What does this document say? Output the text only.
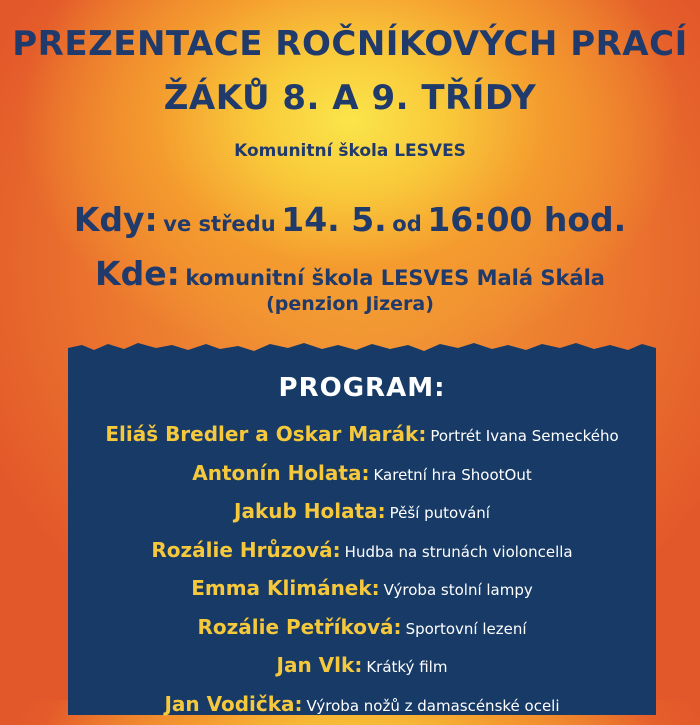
PREZENTACE ROČNÍKOVÝCH PRACÍ
ŽÁKŮ 8. A 9. TŘÍDY
Komunitní škola LESVES
Kdy: ve středu 14. 5. od 16:00 hod.
Kde: komunitní škola LESVES Malá Skála
(penzion Jizera)
PROGRAM:
Eliáš Bredler a Oskar Marák: Portrét Ivana Semeckého
Antonín Holata: Karetní hra ShootOut
Jakub Holata: Pěší putování
Rozálie Hrůzová: Hudba na strunách violoncella
Emma Klimánek: Výroba stolní lampy
Rozálie Petříková: Sportovní lezení
Jan Vlk: Krátký film
Jan Vodička: Výroba nožů z damascénské oceli
